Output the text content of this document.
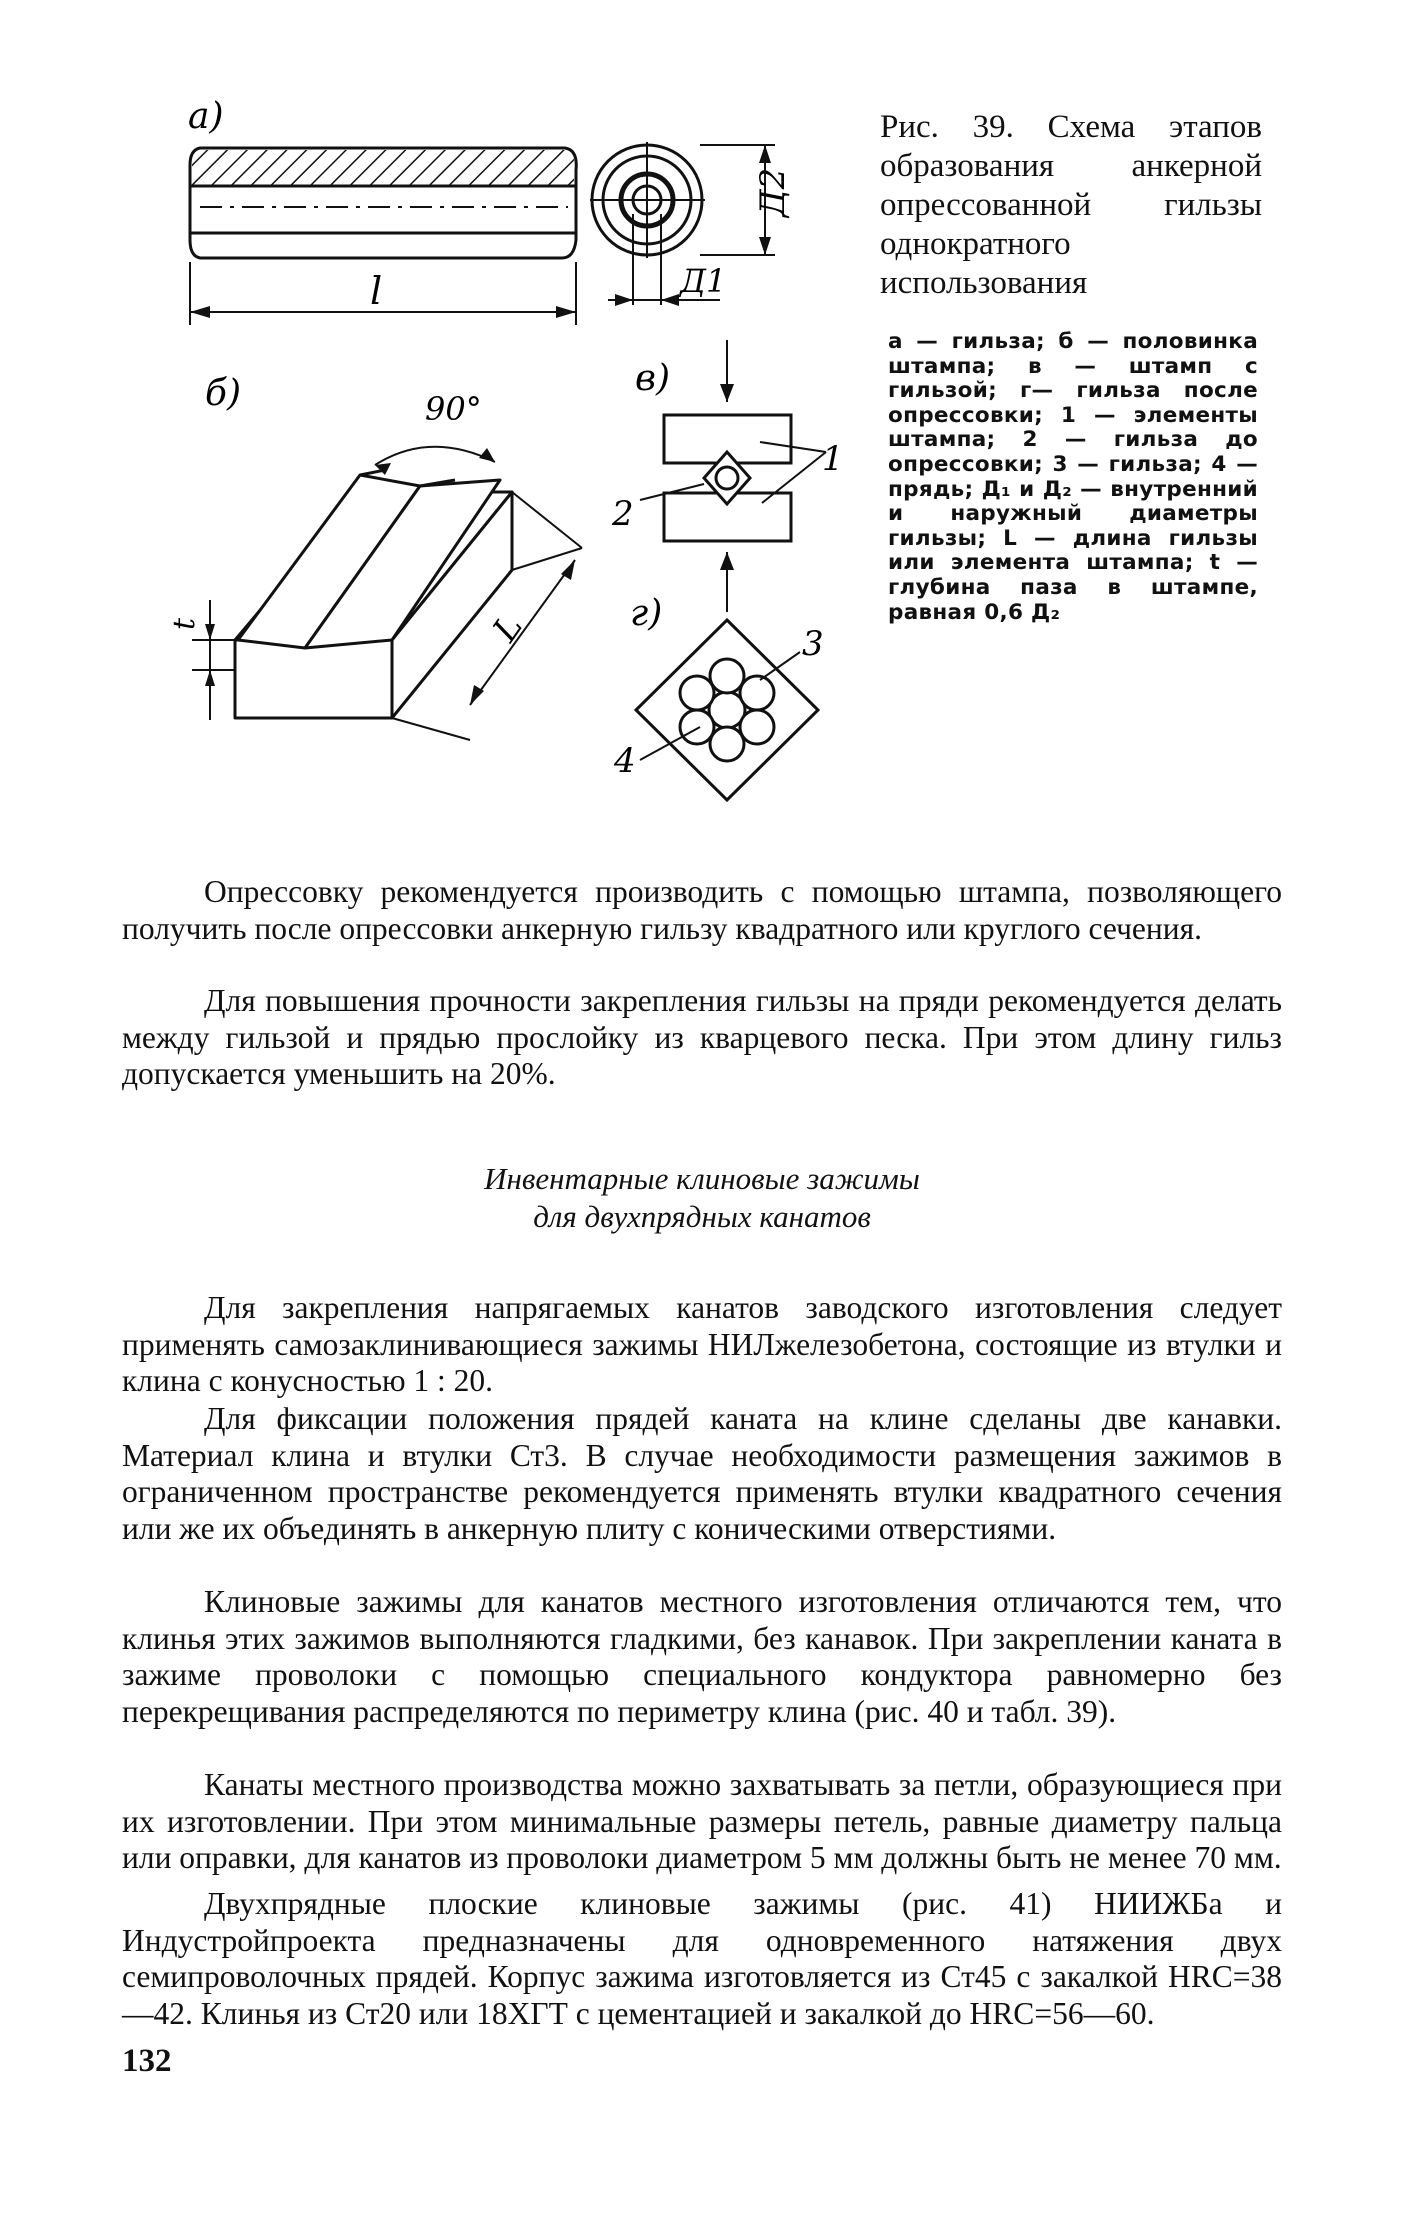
l
Д2
Д1
90°
t	L
а)
б)	в)
г)
1
2
3
4
Рис. 39. Схема этапов образования анкерной опрессованной гильзы однократного использования
а — гильза; б — половинка штампа; в — штамп с гильзой; г— гильза после опрессовки; 1 — элементы штампа; 2 — гильза до опрессовки; 3 — гильза; 4 — прядь; Д₁ и Д₂ — внутренний и наружный диаметры гильзы; L — длина гильзы или элемента штампа; t — глубина паза в штампе, равная 0,6 Д₂
Опрессовку рекомендуется производить с помощью штампа, позволяющего получить после опрессовки анкерную гильзу квадратного или круглого сечения.
Для повышения прочности закрепления гильзы на пряди рекомендуется делать между гильзой и прядью прослойку из кварцевого песка. При этом длину гильз допускается уменьшить на 20%.
Инвентарные клиновые зажимы
для двухпрядных канатов
Для закрепления напрягаемых канатов заводского изготовления следует применять самозаклинивающиеся зажимы НИЛжелезобетона, состоящие из втулки и клина с конусностью 1 : 20.
Для фиксации положения прядей каната на клине сделаны две канавки. Материал клина и втулки Ст3. В случае необходимости размещения зажимов в ограниченном пространстве рекомендуется применять втулки квадратного сечения или же их объединять в анкерную плиту с коническими отверстиями.
Клиновые зажимы для канатов местного изготовления отличаются тем, что клинья этих зажимов выполняются гладкими, без канавок. При закреплении каната в зажиме проволоки с помощью специального кондуктора равномерно без перекрещивания распределяются по периметру клина (рис. 40 и табл. 39).
Канаты местного производства можно захватывать за петли, образующиеся при их изготовлении. При этом минимальные размеры петель, равные диаметру пальца или оправки, для канатов из проволоки диаметром 5 мм должны быть не менее 70 мм.
Двухпрядные плоские клиновые зажимы (рис. 41) НИИЖБа и Индустройпроекта предназначены для одновременного натяжения двух семипроволочных прядей. Корпус зажима изготовляется из Ст45 с закалкой HRC=38—42. Клинья из Ст20 или 18ХГТ с цементацией и закалкой до HRC=56—60.
132
